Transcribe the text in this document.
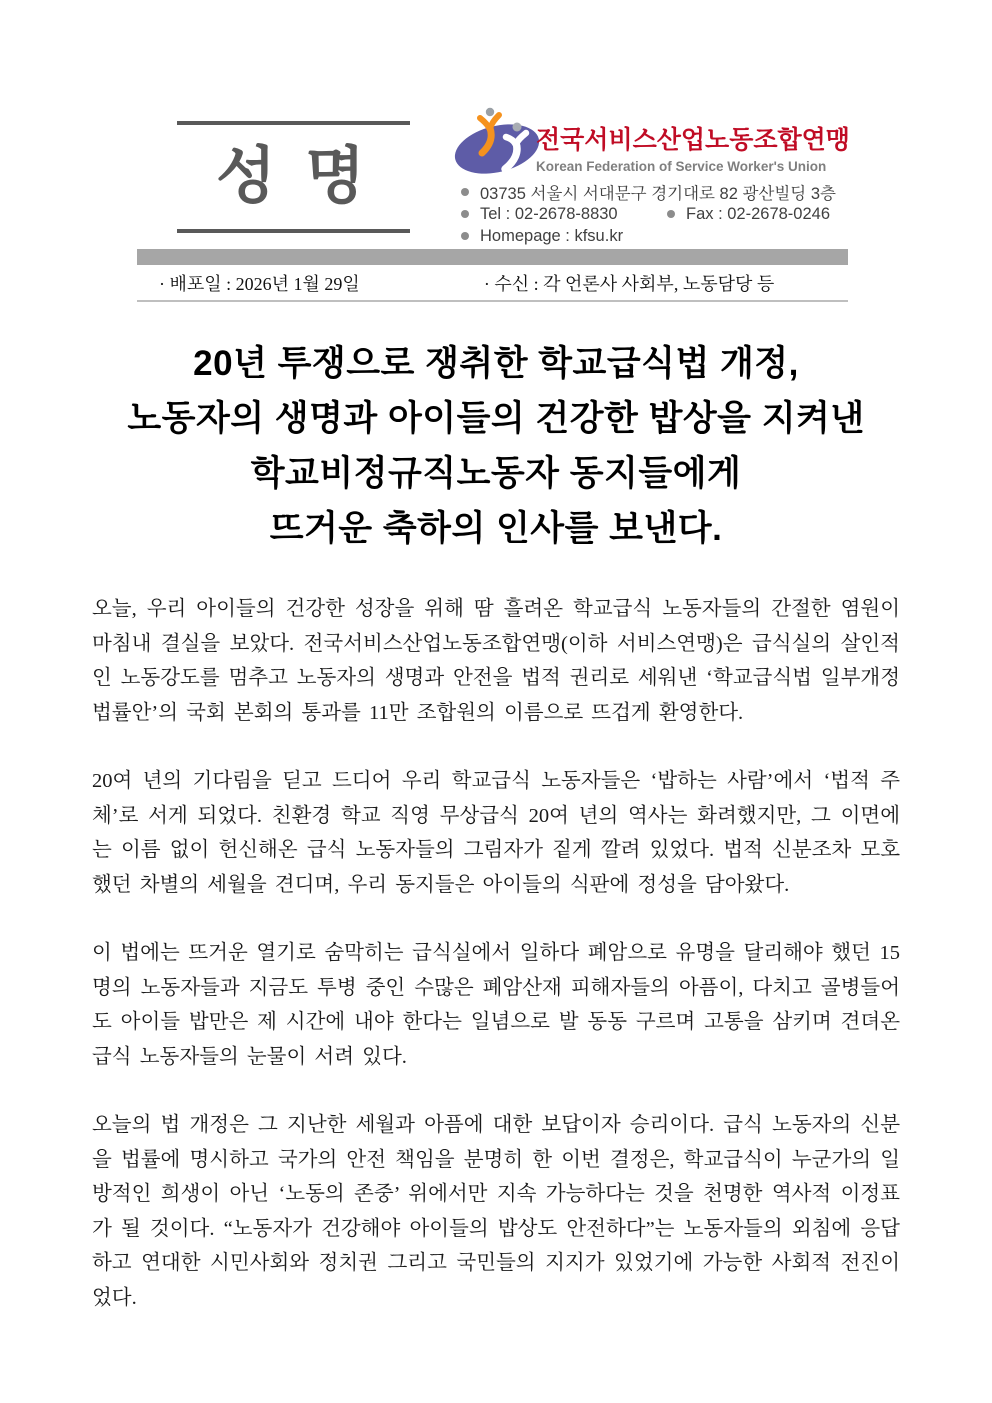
성 명
전국서비스산업노동조합연맹
Korean Federation of Service Worker's Union
03735 서울시 서대문구 경기대로 82 광산빌딩 3층
Tel : 02-2678-8830	Fax : 02-2678-0246
Homepage : kfsu.kr
· 배포일 : 2026년 1월 29일	· 수신 : 각 언론사 사회부, 노동담당 등
20년 투쟁으로 쟁취한 학교급식법 개정,
노동자의 생명과 아이들의 건강한 밥상을 지켜낸
학교비정규직노동자 동지들에게
뜨거운 축하의 인사를 보낸다.

오늘, 우리 아이들의 건강한 성장을 위해 땀 흘려온 학교급식 노동자들의 간절한 염원이 마침내 결실을 보았다. 전국서비스산업노동조합연맹(이하 서비스연맹)은 급식실의 살인적인 노동강도를 멈추고 노동자의 생명과 안전을 법적 권리로 세워낸 ‘학교급식법 일부개정법률안’의 국회 본회의 통과를 11만 조합원의 이름으로 뜨겁게 환영한다.

20여 년의 기다림을 딛고 드디어 우리 학교급식 노동자들은 ‘밥하는 사람’에서 ‘법적 주체’로 서게 되었다. 친환경 학교 직영 무상급식 20여 년의 역사는 화려했지만, 그 이면에는 이름 없이 헌신해온 급식 노동자들의 그림자가 짙게 깔려 있었다. 법적 신분조차 모호했던 차별의 세월을 견디며, 우리 동지들은 아이들의 식판에 정성을 담아왔다.

이 법에는 뜨거운 열기로 숨막히는 급식실에서 일하다 폐암으로 유명을 달리해야 했던 15명의 노동자들과 지금도 투병 중인 수많은 폐암산재 피해자들의 아픔이, 다치고 골병들어도 아이들 밥만은 제 시간에 내야 한다는 일념으로 발 동동 구르며 고통을 삼키며 견뎌온 급식 노동자들의 눈물이 서려 있다.

오늘의 법 개정은 그 지난한 세월과 아픔에 대한 보답이자 승리이다. 급식 노동자의 신분을 법률에 명시하고 국가의 안전 책임을 분명히 한 이번 결정은, 학교급식이 누군가의 일방적인 희생이 아닌 ‘노동의 존중’ 위에서만 지속 가능하다는 것을 천명한 역사적 이정표가 될 것이다. “노동자가 건강해야 아이들의 밥상도 안전하다”는 노동자들의 외침에 응답하고 연대한 시민사회와 정치권 그리고 국민들의 지지가 있었기에 가능한 사회적 전진이었다.
